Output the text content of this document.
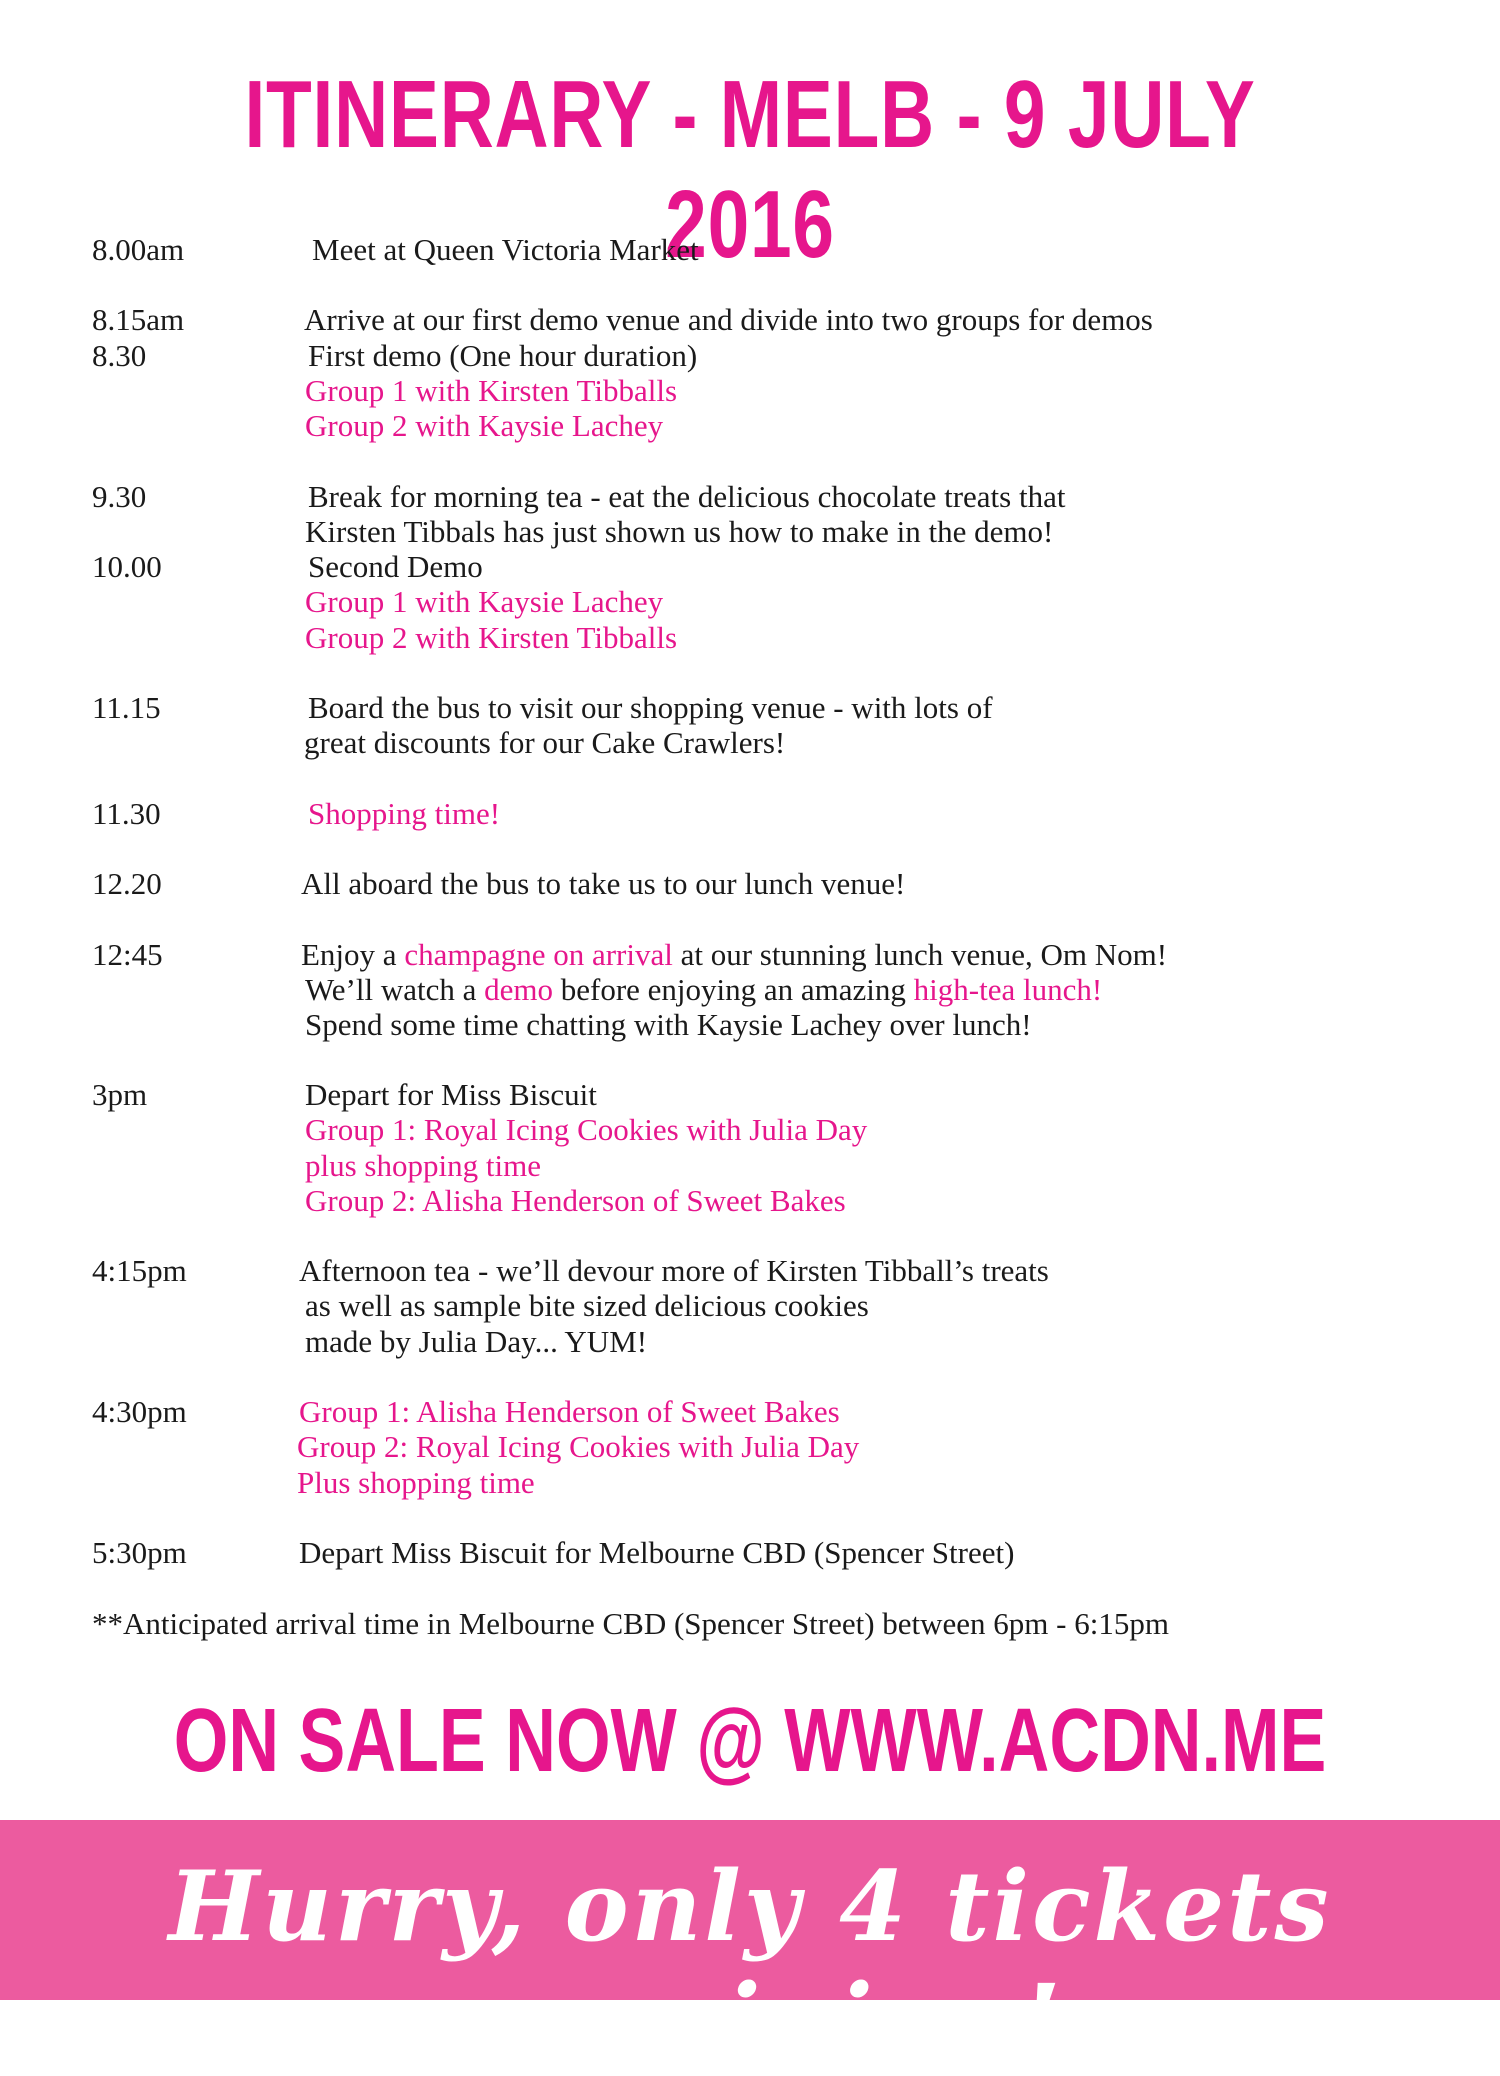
ITINERARY - MELB - 9 JULY 2016
8.00am
8.15am
8.30
9.30
10.00
11.15
11.30
12.20
12:45
3pm
4:15pm
4:30pm
5:30pm
Meet at Queen Victoria Market
Arrive at our first demo venue and divide into two groups for demos
First demo (One hour duration)
Group 1 with Kirsten Tibballs
Group 2 with Kaysie Lachey
Break for morning tea - eat the delicious chocolate treats that
Kirsten Tibbals has just shown us how to make in the demo!
Second Demo
Group 1 with Kaysie Lachey
Group 2 with Kirsten Tibballs
Board the bus to visit our shopping venue - with lots of
great discounts for our Cake Crawlers!
Shopping time!
All aboard the bus to take us to our lunch venue!
Enjoy a champagne on arrival at our stunning lunch venue, Om Nom!
We’ll watch a demo before enjoying an amazing high-tea lunch!
Spend some time chatting with Kaysie Lachey over lunch!
Depart for Miss Biscuit
Group 1: Royal Icing Cookies with Julia Day
plus shopping time
Group 2: Alisha Henderson of Sweet Bakes
Afternoon tea - we’ll devour more of Kirsten Tibball’s treats
as well as sample bite sized delicious cookies
made by Julia Day... YUM!
Group 1: Alisha Henderson of Sweet Bakes
Group 2: Royal Icing Cookies with Julia Day
Plus shopping time
Depart Miss Biscuit for Melbourne CBD (Spencer Street)
**Anticipated arrival time in Melbourne CBD (Spencer Street) between 6pm - 6:15pm
ON SALE NOW @ WWW.ACDN.ME
Hurry, only 4 tickets remaining!
